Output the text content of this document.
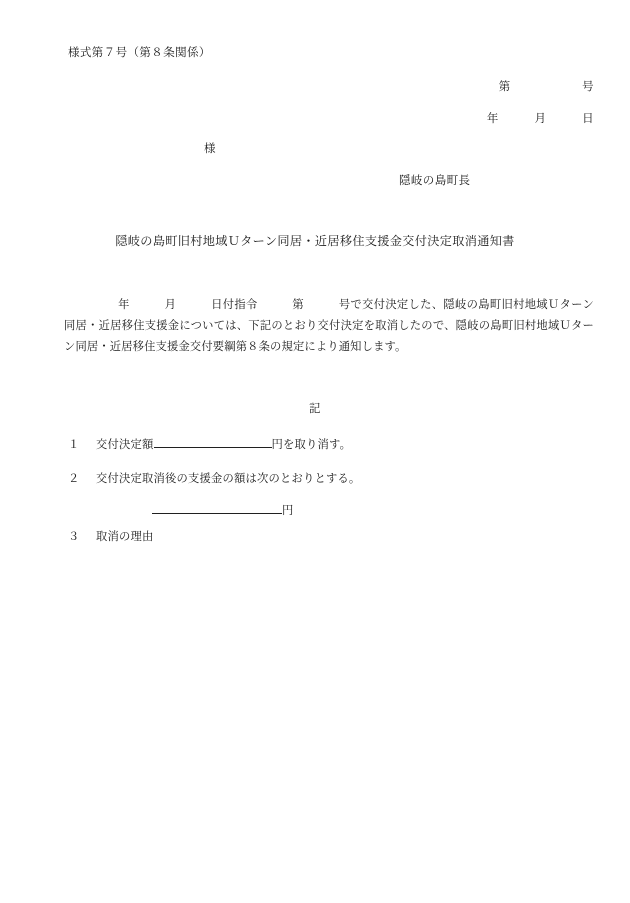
様式第７号（第８条関係）
第　　　　　　号
年　　　月　　　日
様
隠岐の島町長
隠岐の島町旧村地域Ｕターン同居・近居移住支援金交付決定取消通知書
年　　　月　　　日付指令　　　第　　　号で交付決定した、隠岐の島町旧村地域Ｕターン同居・近居移住支援金については、下記のとおり交付決定を取消したので、隠岐の島町旧村地域Ｕターン同居・近居移住支援金交付要綱第８条の規定により通知します。
記
１ 交付決定額	円を取り消す。
２ 交付決定取消後の支援金の額は次のとおりとする。
円
３ 取消の理由
